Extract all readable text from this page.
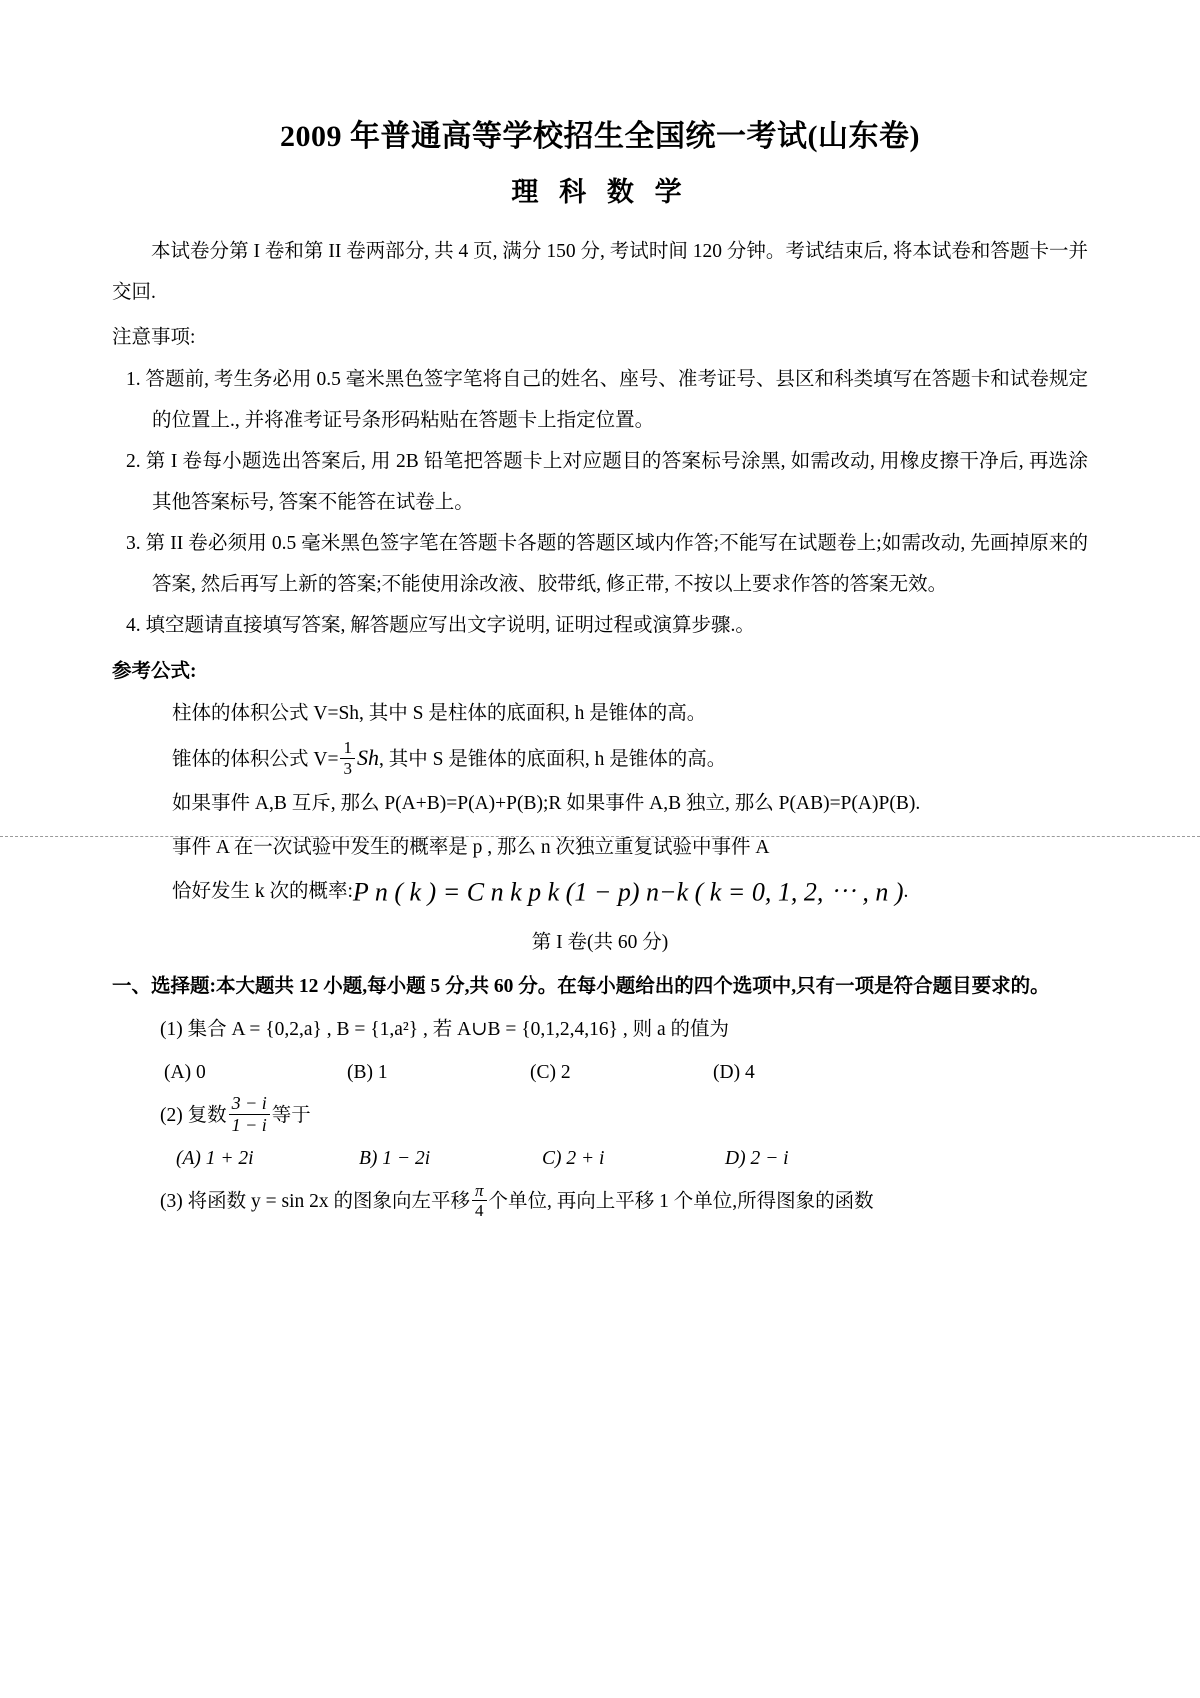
2009 年普通高等学校招生全国统一考试(山东卷)
理 科 数 学

本试卷分第 I 卷和第 II 卷两部分, 共 4 页, 满分 150 分, 考试时间 120 分钟。考试结束后, 将本试卷和答题卡一并交回.

注意事项:

1. 答题前, 考生务必用 0.5 毫米黑色签字笔将自己的姓名、座号、准考证号、县区和科类填写在答题卡和试卷规定的位置上., 并将准考证号条形码粘贴在答题卡上指定位置。
2. 第 I 卷每小题选出答案后, 用 2B 铅笔把答题卡上对应题目的答案标号涂黑, 如需改动, 用橡皮擦干净后, 再选涂其他答案标号, 答案不能答在试卷上。
3. 第 II 卷必须用 0.5 毫米黑色签字笔在答题卡各题的答题区域内作答;不能写在试题卷上;如需改动, 先画掉原来的答案, 然后再写上新的答案;不能使用涂改液、胶带纸, 修正带, 不按以上要求作答的答案无效。
4. 填空题请直接填写答案, 解答题应写出文字说明, 证明过程或演算步骤.。

参考公式:

柱体的体积公式 V=Sh, 其中 S 是柱体的底面积, h 是锥体的高。

锥体的体积公式 $V= \frac{1}{3} Sh$, 其中 S 是锥体的底面积, h 是锥体的高。

如果事件 A,B 互斥, 那么 P(A+B)=P(A)+P(B);R 如果事件 A,B 独立, 那么 P(AB)=P(A)P(B).

事件 A 在一次试验中发生的概率是 p , 那么 n 次独立重复试验中事件 A

恰好发生 k 次的概率:P n ( k ) = C n k p k (1 − p) n−k ( k = 0, 1, 2, ⋯ , n ).

第 I 卷(共 60 分)

一、选择题:本大题共 12 小题,每小题 5 分,共 60 分。在每小题给出的四个选项中,只有一项是符合题目要求的。

(1) 集合 A = {0,2,a} , B = {1,a²} , 若 A∪B = {0,1,2,4,16} , 则 a 的值为

(A) 0	(B) 1	(C) 2	(D) 4

(2) 复数 $\frac{3 - i}{1 - i}$ 等于

(A) 1 + 2i	B) 1 − 2i	C) 2 + i	D) 2 − i

(3) 将函数 y = sin 2x 的图象向左平移 $\frac{\pi}{4}$ 个单位, 再向上平移 1 个单位,所得图象的函数
